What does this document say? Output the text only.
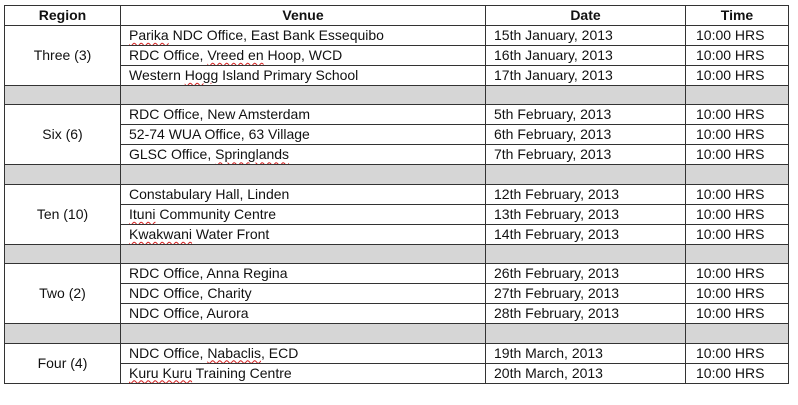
Region	Venue	Date	Time
Three (3)	Parika NDC Office, East Bank Essequibo	15th January, 2013	10:00 HRS
	RDC Office, Vreed en Hoop, WCD	16th January, 2013	10:00 HRS
	Western Hogg Island Primary School	17th January, 2013	10:00 HRS

Six (6)	RDC Office, New Amsterdam	5th February, 2013	10:00 HRS
	52-74 WUA Office, 63 Village	6th February, 2013	10:00 HRS
	GLSC Office, Springlands	7th February, 2013	10:00 HRS

Ten (10)	Constabulary Hall, Linden	12th February, 2013	10:00 HRS
	Ituni Community Centre	13th February, 2013	10:00 HRS
	Kwakwani Water Front	14th February, 2013	10:00 HRS

Two (2)	RDC Office, Anna Regina	26th February, 2013	10:00 HRS
	NDC Office, Charity	27th February, 2013	10:00 HRS
	NDC Office, Aurora	28th February, 2013	10:00 HRS

Four (4)	NDC Office, Nabaclis, ECD	19th March, 2013	10:00 HRS
	Kuru Kuru Training Centre	20th March, 2013	10:00 HRS
